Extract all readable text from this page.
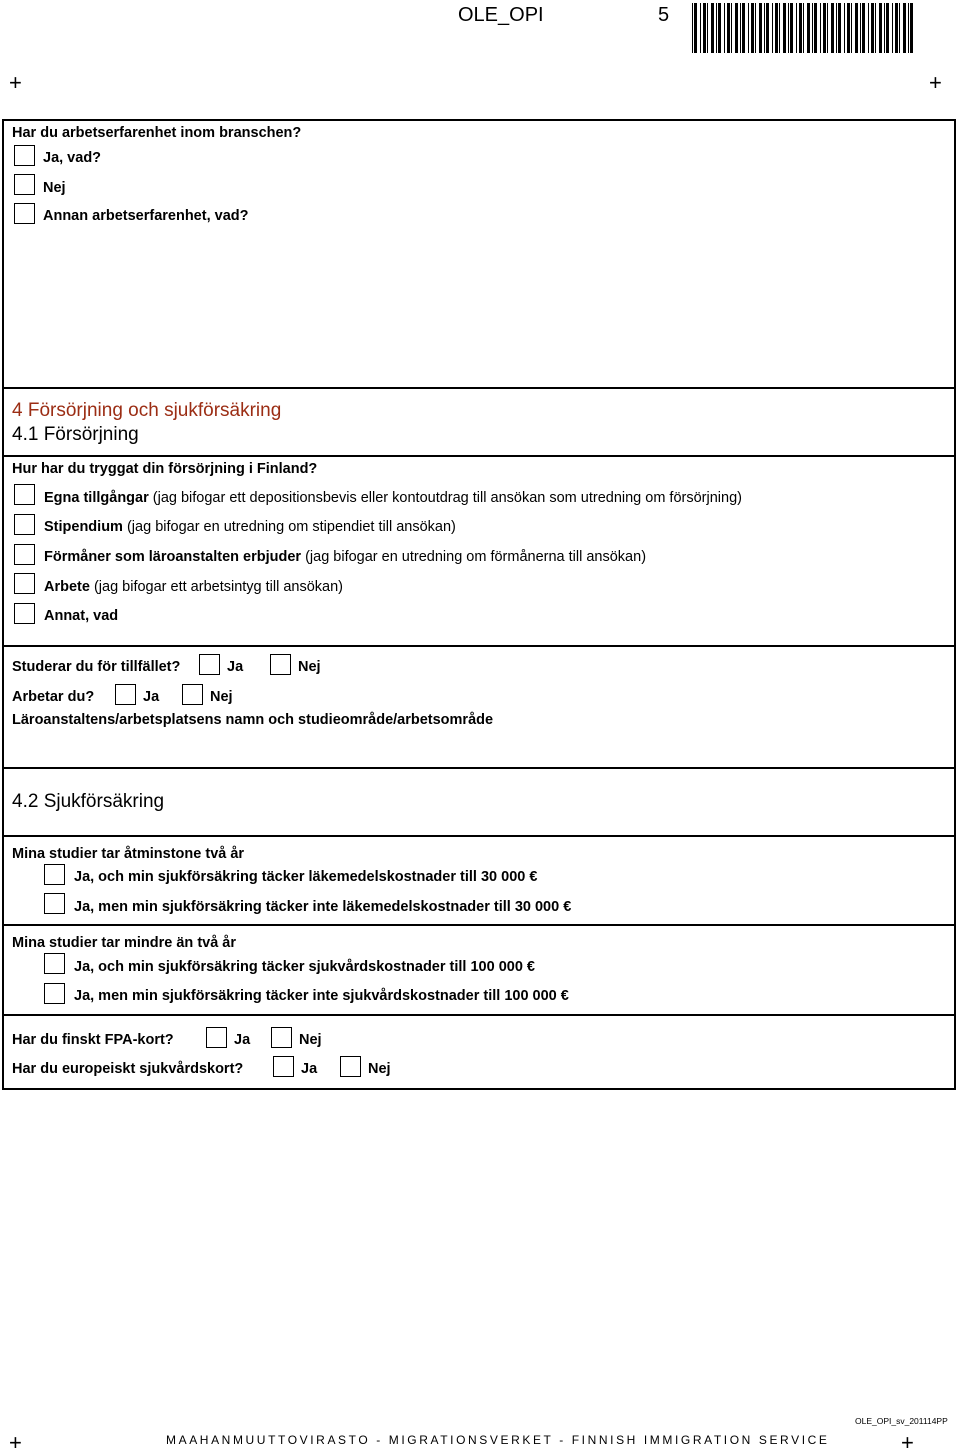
OLE_OPI	5
+	+
Har du arbetserfarenhet inom branschen?
Ja, vad?
Nej
Annan arbetserfarenhet, vad?
4 Försörjning och sjukförsäkring
4.1 Försörjning
Hur har du tryggat din försörjning i Finland?
Egna tillgångar (jag bifogar ett depositionsbevis eller kontoutdrag till ansökan som utredning om försörjning)
Stipendium (jag bifogar en utredning om stipendiet till ansökan)
Förmåner som läroanstalten erbjuder (jag bifogar en utredning om förmånerna till ansökan)
Arbete (jag bifogar ett arbetsintyg till ansökan)
Annat, vad
Studerar du för tillfället?	Ja	Nej
Arbetar du?	Ja	Nej
Läroanstaltens/arbetsplatsens namn och studieområde/arbetsområde
4.2 Sjukförsäkring
Mina studier tar åtminstone två år
Ja, och min sjukförsäkring täcker läkemedelskostnader till 30 000 €
Ja, men min sjukförsäkring täcker inte läkemedelskostnader till 30 000 €
Mina studier tar mindre än två år
Ja, och min sjukförsäkring täcker sjukvårdskostnader till 100 000 €
Ja, men min sjukförsäkring täcker inte sjukvårdskostnader till 100 000 €
Har du finskt FPA-kort?	Ja	Nej
Har du europeiskt sjukvårdskort?	Ja	Nej
+	+
OLE_OPI_sv_201114PP
MAAHANMUUTTOVIRASTO - MIGRATIONSVERKET - FINNISH IMMIGRATION SERVICE
